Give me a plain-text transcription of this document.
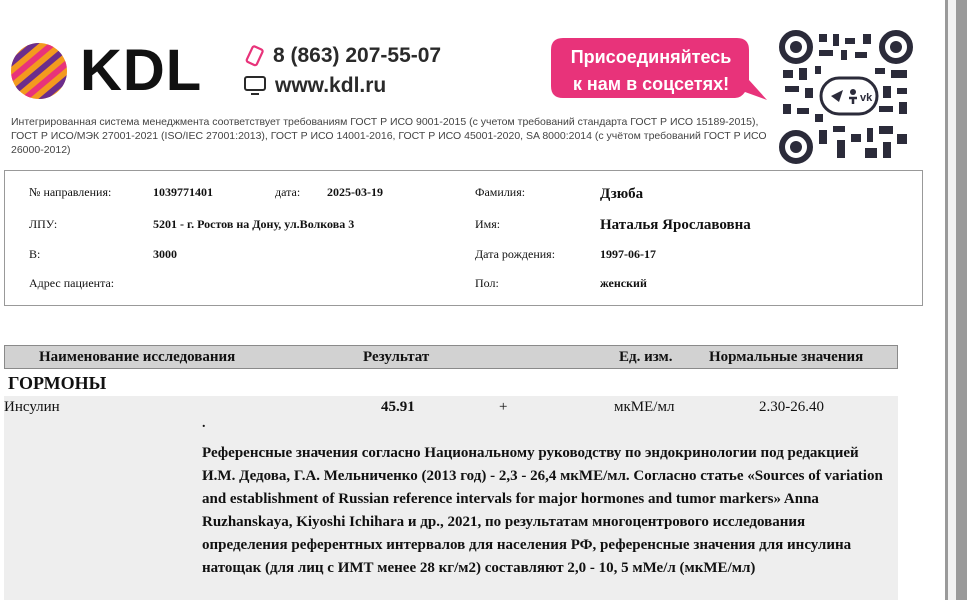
KDL	8 (863) 207-55-07
www.kdl.ru
Присоединяйтесь
к нам в соцсетях!
vk
Интегрированная система менеджмента соответствует требованиям ГОСТ Р ИСО 9001-2015 (с учетом требований стандарта ГОСТ Р ИСО 15189-2015), ГОСТ Р ИСО/МЭК 27001-2021 (ISO/IEC 27001:2013), ГОСТ Р ИСО 14001-2016, ГОСТ Р ИСО 45001-2020, SA 8000:2014 (с учётом требований ГОСТ Р ИСО 26000-2012)
№ направления:	1039771401	дата: 2025-03-19	Фамилия:	Дзюба
ЛПУ:	5201 - г. Ростов на Дону, ул.Волкова 3	Имя:	Наталья Ярославовна
В:	3000	Дата рождения:	1997-06-17
Адрес пациента:	Пол:	женский
Наименование исследования	Результат	Ед. изм. Нормальные значения
ГОРМОНЫ
Инсулин	45.91	+	мкМЕ/мл	2.30-26.40
.
Референсные значения согласно Национальному руководству по эндокринологии под редакцией И.М. Дедова, Г.А. Мельниченко (2013 год) - 2,3 - 26,4 мкМЕ/мл. Согласно статье «Sources of variation and establishment of Russian reference intervals for major hormones and tumor markers» Anna Ruzhanskaya, Kiyoshi Ichihara и др., 2021, по результатам многоцентрового исследования определения референтных интервалов для населения РФ, референсные значения для инсулина натощак (для лиц с ИМТ менее 28 кг/м2) составляют 2,0 - 10, 5 мМе/л (мкМЕ/мл)
